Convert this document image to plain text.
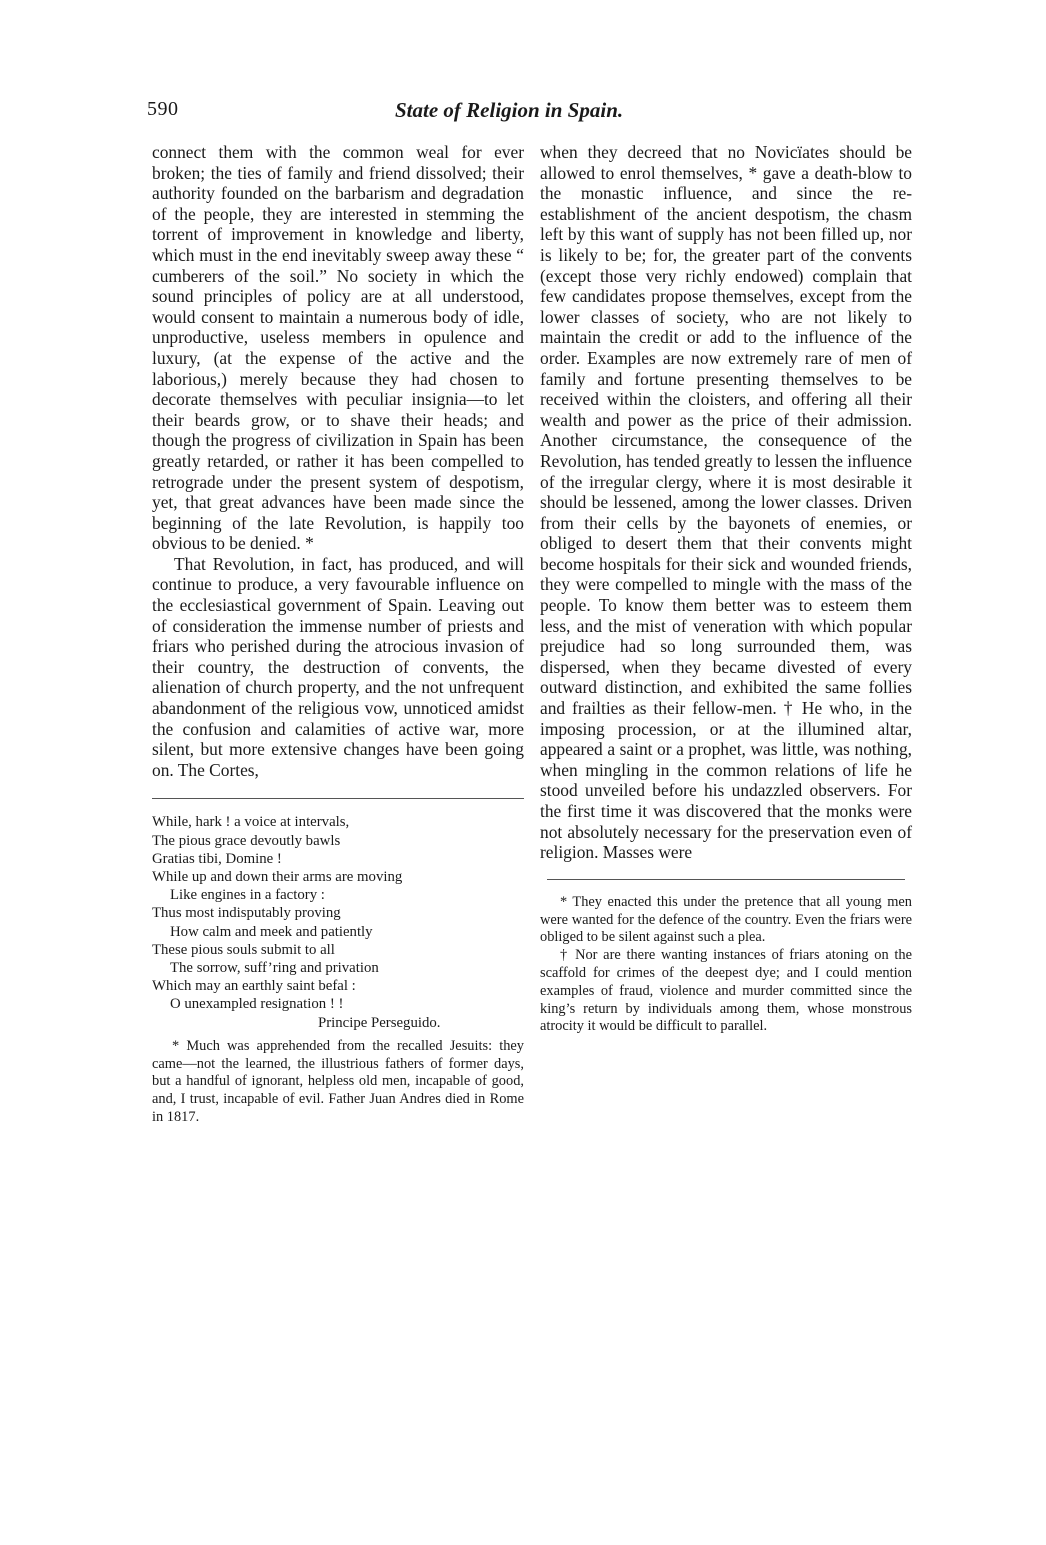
590	State of Religion in Spain.

connect them with the common weal for ever broken; the ties of family and friend dissolved; their authority founded on the barbarism and degradation of the people, they are interested in stemming the torrent of improvement in knowledge and liberty, which must in the end inevitably sweep away these “ cumberers of the soil.” No society in which the sound principles of policy are at all understood, would consent to maintain a numerous body of idle, unproductive, useless members in opulence and luxury, (at the expense of the active and the laborious,) merely because they had chosen to decorate themselves with peculiar insignia—to let their beards grow, or to shave their heads; and though the progress of civilization in Spain has been greatly retarded, or rather it has been compelled to retrograde under the present system of despotism, yet, that great advances have been made since the beginning of the late Revolution, is happily too obvious to be denied. *

That Revolution, in fact, has produced, and will continue to produce, a very favourable influence on the ecclesiastical government of Spain. Leaving out of consideration the immense number of priests and friars who perished during the atrocious invasion of their country, the destruction of convents, the alienation of church property, and the not unfrequent abandonment of the religious vow, unnoticed amidst the confusion and calamities of active war, more silent, but more extensive changes have been going on. The Cortes,

While, hark ! a voice at intervals,
The pious grace devoutly bawls
Gratias tibi, Domine !
While up and down their arms are moving
Like engines in a factory :
Thus most indisputably proving
How calm and meek and patiently
These pious souls submit to all
The sorrow, suff’ring and privation
Which may an earthly saint befal :
O unexampled resignation ! !
Principe Perseguido.

* Much was apprehended from the recalled Jesuits: they came—not the learned, the illustrious fathers of former days, but a handful of ignorant, helpless old men, incapable of good, and, I trust, incapable of evil. Father Juan Andres died in Rome in 1817.

when they decreed that no Novicïates should be allowed to enrol themselves, * gave a death-blow to the monastic influence, and since the re-establishment of the ancient despotism, the chasm left by this want of supply has not been filled up, nor is likely to be; for, the greater part of the convents (except those very richly endowed) complain that few candidates propose themselves, except from the lower classes of society, who are not likely to maintain the credit or add to the influence of the order. Examples are now extremely rare of men of family and fortune presenting themselves to be received within the cloisters, and offering all their wealth and power as the price of their admission. Another circumstance, the consequence of the Revolution, has tended greatly to lessen the influence of the irregular clergy, where it is most desirable it should be lessened, among the lower classes. Driven from their cells by the bayonets of enemies, or obliged to desert them that their convents might become hospitals for their sick and wounded friends, they were compelled to mingle with the mass of the people. To know them better was to esteem them less, and the mist of veneration with which popular prejudice had so long surrounded them, was dispersed, when they became divested of every outward distinction, and exhibited the same follies and frailties as their fellow-men. † He who, in the imposing procession, or at the illumined altar, appeared a saint or a prophet, was little, was nothing, when mingling in the common relations of life he stood unveiled before his undazzled observers. For the first time it was discovered that the monks were not absolutely necessary for the preservation even of religion. Masses were

* They enacted this under the pretence that all young men were wanted for the defence of the country. Even the friars were obliged to be silent against such a plea.

† Nor are there wanting instances of friars atoning on the scaffold for crimes of the deepest dye; and I could mention examples of fraud, violence and murder committed since the king’s return by individuals among them, whose monstrous atrocity it would be difficult to parallel.
